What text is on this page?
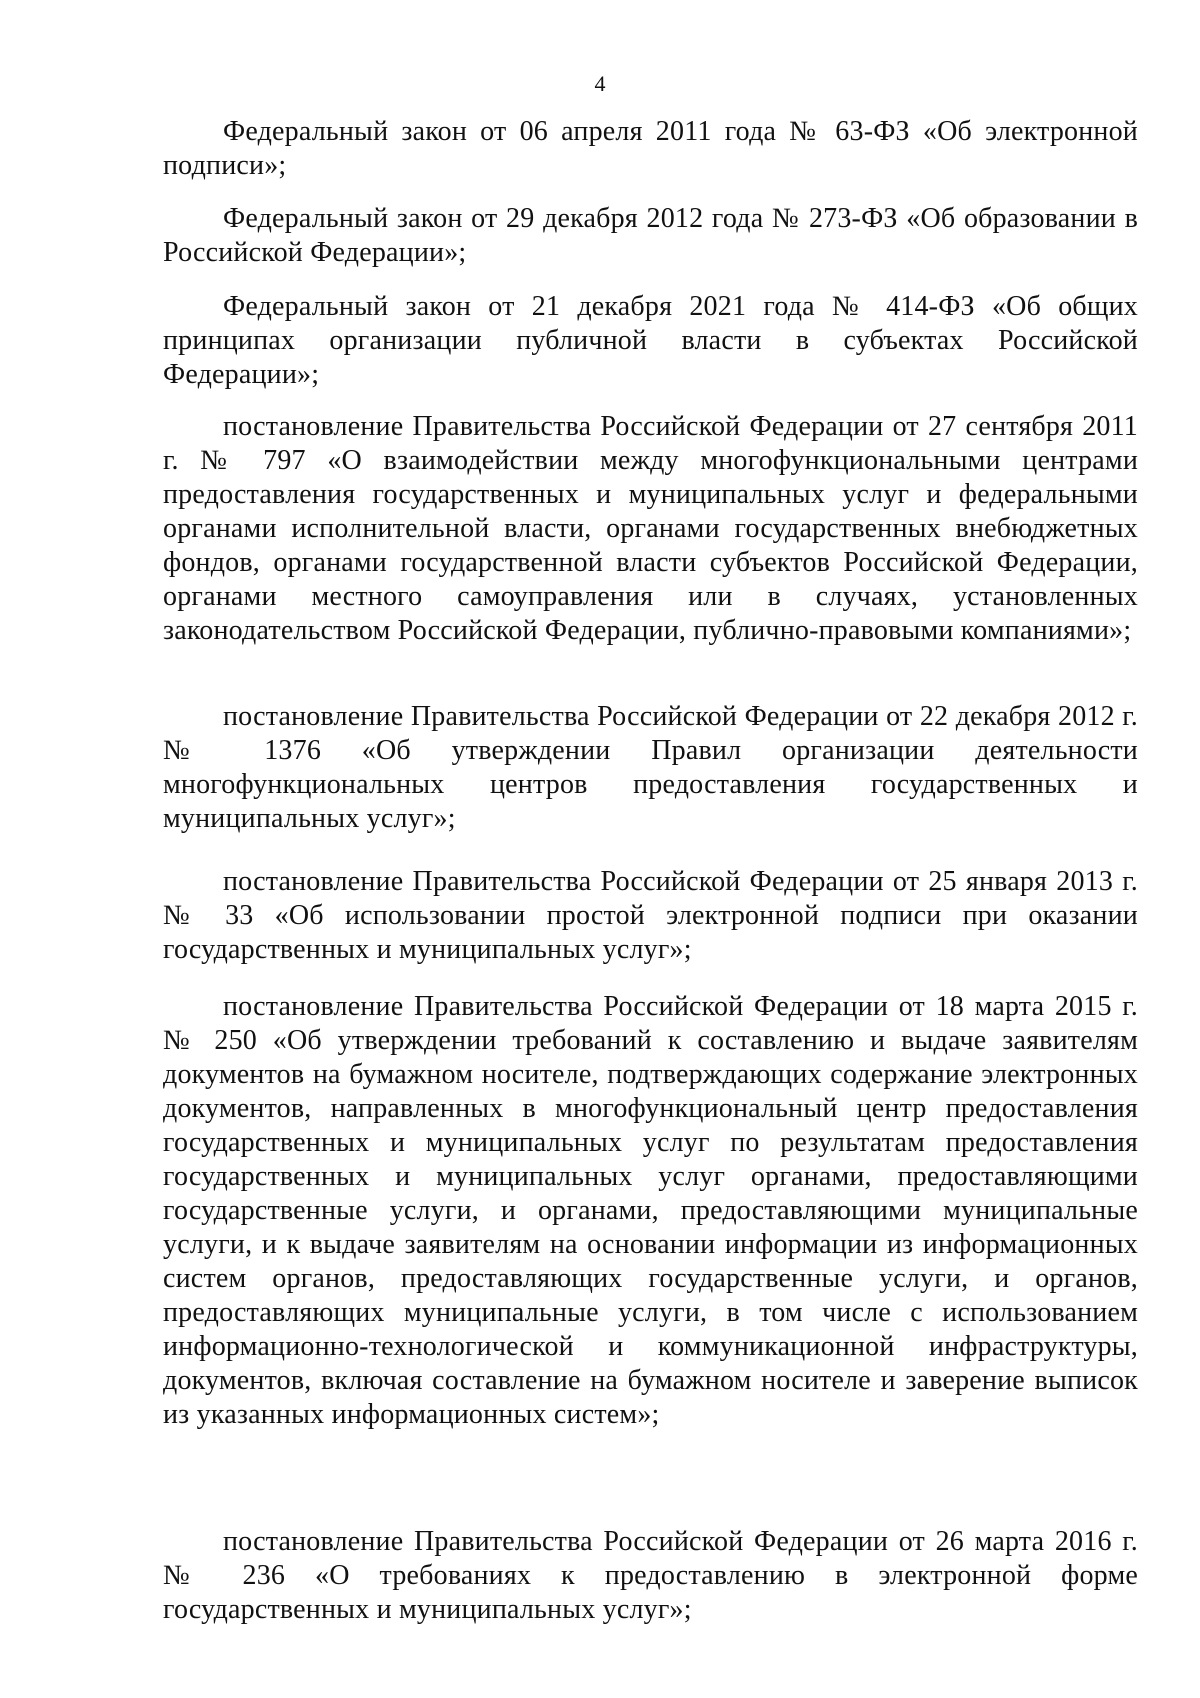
4

Федеральный закон от 06 апреля 2011 года № 63-ФЗ «Об электронной подписи»;

Федеральный закон от 29 декабря 2012 года № 273-ФЗ «Об образовании в Российской Федерации»;

Федеральный закон от 21 декабря 2021 года № 414-ФЗ «Об общих принципах организации публичной власти в субъектах Российской Федерации»;

постановление Правительства Российской Федерации от 27 сентября 2011 г. № 797 «О взаимодействии между многофункциональными центрами предоставления государственных и муниципальных услуг и федеральными органами исполнительной власти, органами государственных внебюджетных фондов, органами государственной власти субъектов Российской Федерации, органами местного самоуправления или в случаях, установленных законодательством Российской Федерации, публично-правовыми компаниями»;

постановление Правительства Российской Федерации от 22 декабря 2012 г. № 1376 «Об утверждении Правил организации деятельности многофункциональных центров предоставления государственных и муниципальных услуг»;

постановление Правительства Российской Федерации от 25 января 2013 г. № 33 «Об использовании простой электронной подписи при оказании государственных и муниципальных услуг»;

постановление Правительства Российской Федерации от 18 марта 2015 г. № 250 «Об утверждении требований к составлению и выдаче заявителям документов на бумажном носителе, подтверждающих содержание электронных документов, направленных в многофункциональный центр предоставления государственных и муниципальных услуг по результатам предоставления государственных и муниципальных услуг органами, предоставляющими государственные услуги, и органами, предоставляющими муниципальные услуги, и к выдаче заявителям на основании информации из информационных систем органов, предоставляющих государственные услуги, и органов, предоставляющих муниципальные услуги, в том числе с использованием информационно-технологической и коммуникационной инфраструктуры, документов, включая составление на бумажном носителе и заверение выписок из указанных информационных систем»;

постановление Правительства Российской Федерации от 26 марта 2016 г. № 236 «О требованиях к предоставлению в электронной форме государственных и муниципальных услуг»;
